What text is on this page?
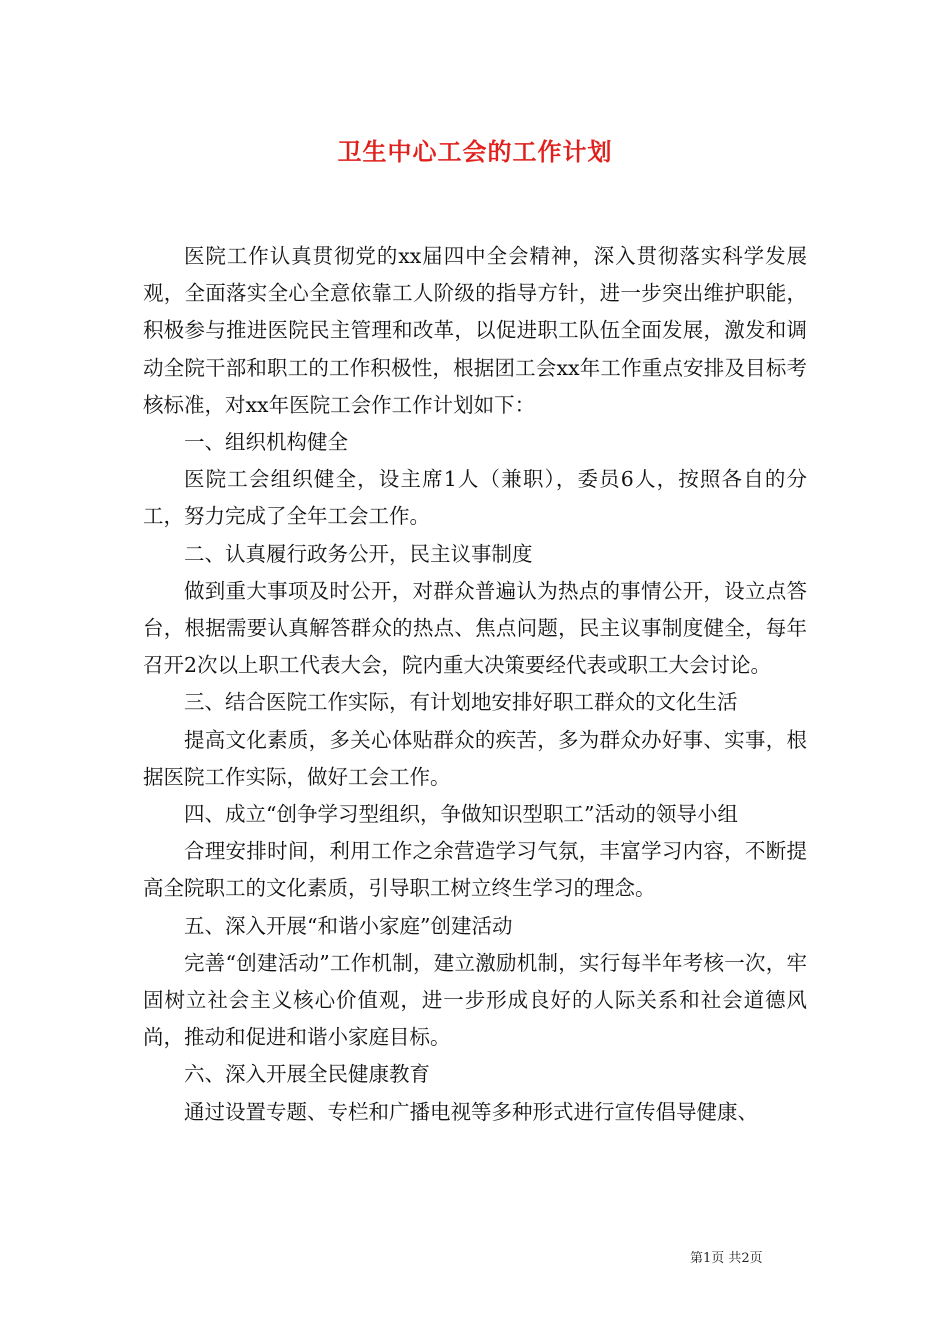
卫生中心工会的工作计划

医院工作认真贯彻党的xx届四中全会精神，深入贯彻落实科学发展观，全面落实全心全意依靠工人阶级的指导方针，进一步突出维护职能，积极参与推进医院民主管理和改革，以促进职工队伍全面发展，激发和调动全院干部和职工的工作积极性，根据团工会xx年工作重点安排及目标考核标准，对xx年医院工会作工作计划如下：

一、组织机构健全

医院工会组织健全，设主席1人（兼职），委员6人，按照各自的分工，努力完成了全年工会工作。

二、认真履行政务公开，民主议事制度

做到重大事项及时公开，对群众普遍认为热点的事情公开，设立点答台，根据需要认真解答群众的热点、焦点问题，民主议事制度健全，每年召开2次以上职工代表大会，院内重大决策要经代表或职工大会讨论。

三、结合医院工作实际，有计划地安排好职工群众的文化生活

提高文化素质，多关心体贴群众的疾苦，多为群众办好事、实事，根据医院工作实际，做好工会工作。

四、成立“创争学习型组织，争做知识型职工”活动的领导小组

合理安排时间，利用工作之余营造学习气氛，丰富学习内容，不断提高全院职工的文化素质，引导职工树立终生学习的理念。

五、深入开展“和谐小家庭”创建活动

完善“创建活动”工作机制，建立激励机制，实行每半年考核一次，牢固树立社会主义核心价值观，进一步形成良好的人际关系和社会道德风尚，推动和促进和谐小家庭目标。

六、深入开展全民健康教育

通过设置专题、专栏和广播电视等多种形式进行宣传倡导健康、

第1页 共2页
